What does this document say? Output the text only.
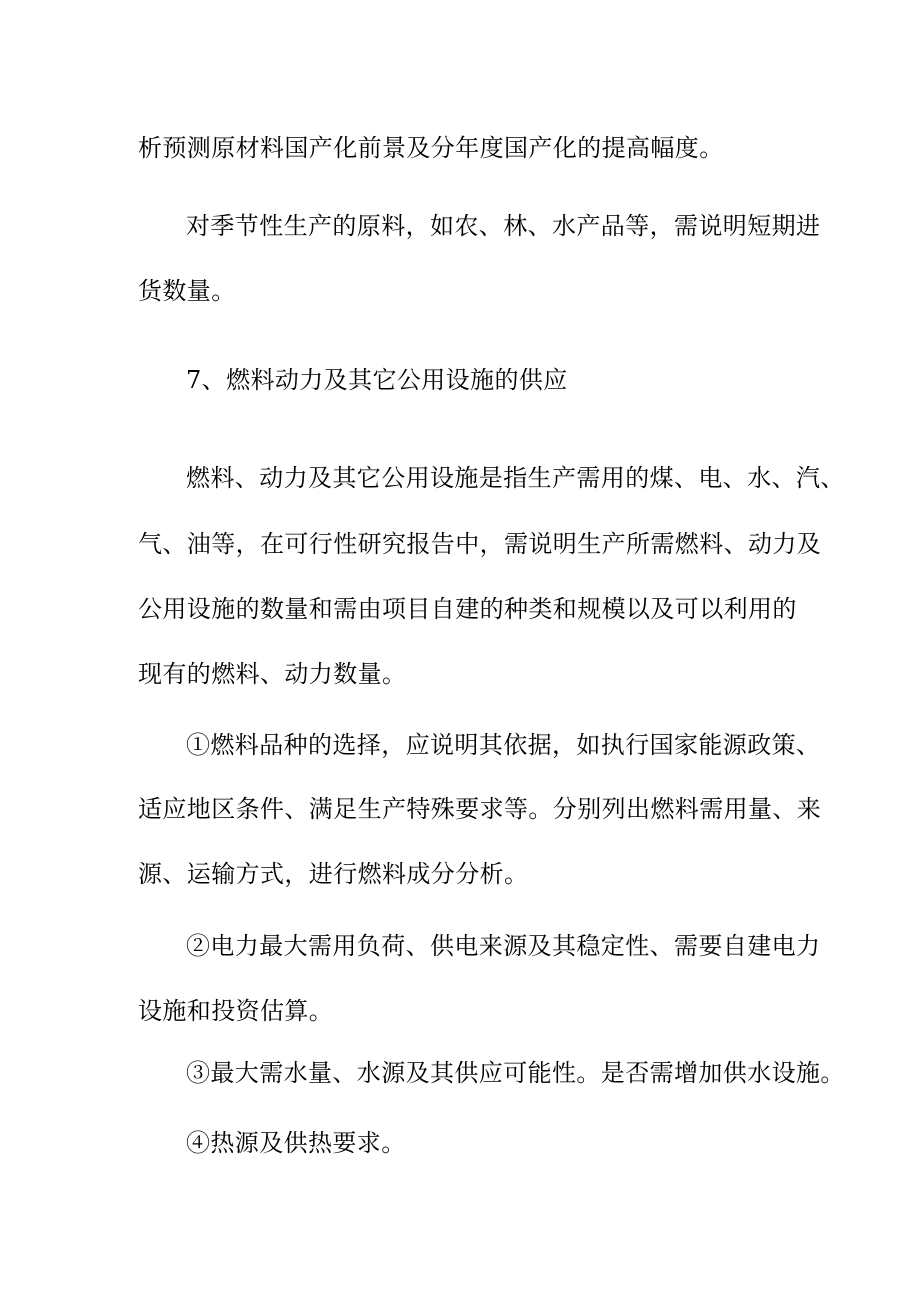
析预测原材料国产化前景及分年度国产化的提高幅度。
对季节性生产的原料，如农、林、水产品等，需说明短期进
货数量。
7、燃料动力及其它公用设施的供应
燃料、动力及其它公用设施是指生产需用的煤、电、水、汽、
气、油等，在可行性研究报告中，需说明生产所需燃料、动力及
公用设施的数量和需由项目自建的种类和规模以及可以利用的
现有的燃料、动力数量。
①燃料品种的选择，应说明其依据，如执行国家能源政策、
适应地区条件、满足生产特殊要求等。分别列出燃料需用量、来
源、运输方式，进行燃料成分分析。
②电力最大需用负荷、供电来源及其稳定性、需要自建电力
设施和投资估算。
③最大需水量、水源及其供应可能性。是否需增加供水设施。
④热源及供热要求。
